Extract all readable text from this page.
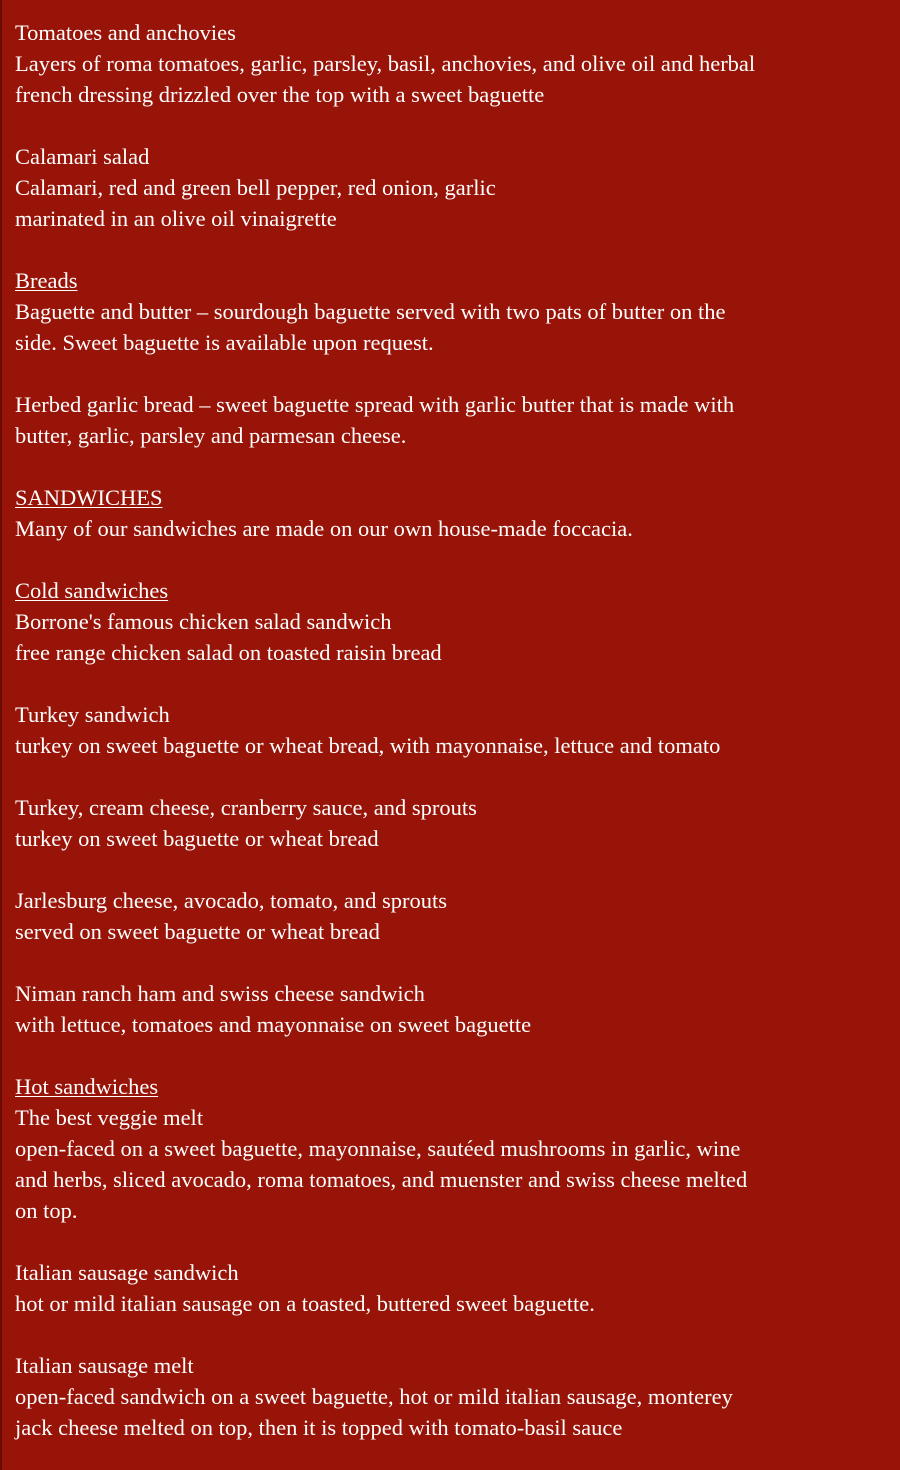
Tomatoes and anchovies
Layers of roma tomatoes, garlic, parsley, basil, anchovies, and olive oil and herbal
french dressing drizzled over the top with a sweet baguette
Calamari salad
Calamari, red and green bell pepper, red onion, garlic
marinated in an olive oil vinaigrette
Breads
Baguette and butter – sourdough baguette served with two pats of butter on the
side. Sweet baguette is available upon request.
Herbed garlic bread – sweet baguette spread with garlic butter that is made with
butter, garlic, parsley and parmesan cheese.
SANDWICHES
Many of our sandwiches are made on our own house-made foccacia.
Cold sandwiches
Borrone's famous chicken salad sandwich
free range chicken salad on toasted raisin bread
Turkey sandwich
turkey on sweet baguette or wheat bread, with mayonnaise, lettuce and tomato
Turkey, cream cheese, cranberry sauce, and sprouts
turkey on sweet baguette or wheat bread
Jarlesburg cheese, avocado, tomato, and sprouts
served on sweet baguette or wheat bread
Niman ranch ham and swiss cheese sandwich
with lettuce, tomatoes and mayonnaise on sweet baguette
Hot sandwiches
The best veggie melt
open-faced on a sweet baguette, mayonnaise, sautéed mushrooms in garlic, wine
and herbs, sliced avocado, roma tomatoes, and muenster and swiss cheese melted
on top.
Italian sausage sandwich
hot or mild italian sausage on a toasted, buttered sweet baguette.
Italian sausage melt
open-faced sandwich on a sweet baguette, hot or mild italian sausage, monterey
jack cheese melted on top, then it is topped with tomato-basil sauce
